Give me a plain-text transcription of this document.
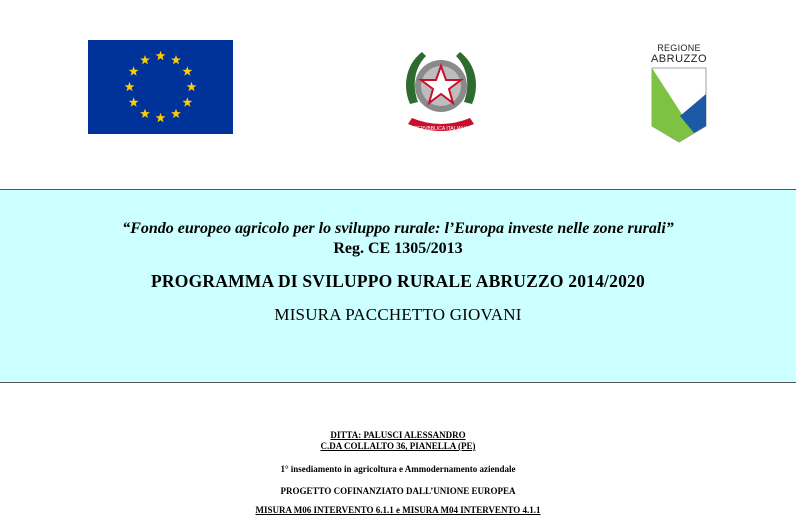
REPVBBLICA ITALIANA
REGIONE
ABRUZZO
“Fondo europeo agricolo per lo sviluppo rurale: l’Europa investe nelle zone rurali”
Reg. CE 1305/2013
PROGRAMMA DI SVILUPPO RURALE ABRUZZO 2014/2020
MISURA PACCHETTO GIOVANI
DITTA: PALUSCI ALESSANDRO
C.DA COLLALTO 36, PIANELLA (PE)
1° insediamento in agricoltura e Ammodernamento aziendale
PROGETTO COFINANZIATO DALL’UNIONE EUROPEA
MISURA M06 INTERVENTO 6.1.1 e MISURA M04 INTERVENTO 4.1.1
